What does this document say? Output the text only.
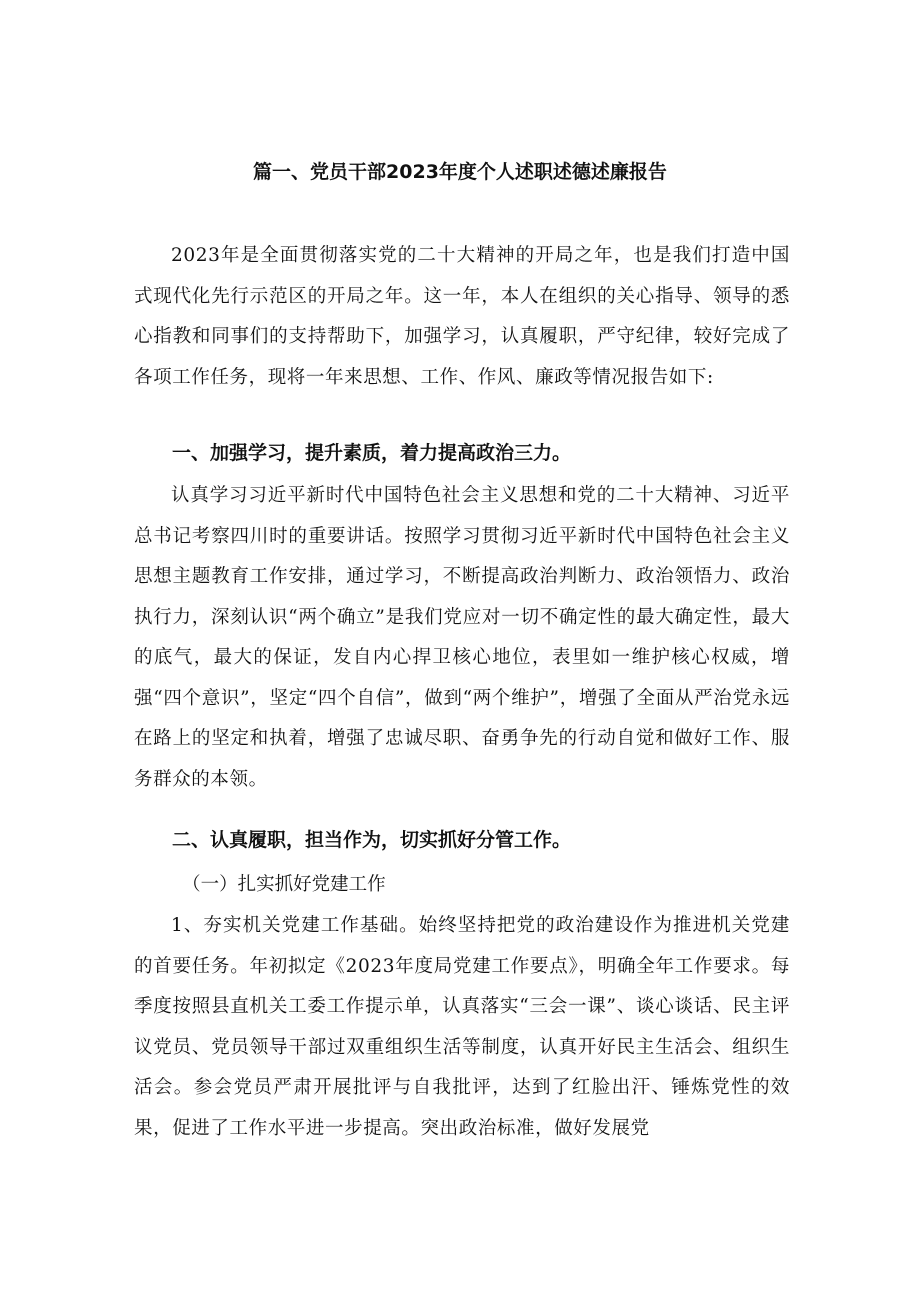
篇一、党员干部2023年度个人述职述德述廉报告

2023年是全面贯彻落实党的二十大精神的开局之年，也是我们打造中国式现代化先行示范区的开局之年。这一年，本人在组织的关心指导、领导的悉心指教和同事们的支持帮助下，加强学习，认真履职，严守纪律，较好完成了各项工作任务，现将一年来思想、工作、作风、廉政等情况报告如下:

一、加强学习，提升素质，着力提高政治三力。

认真学习习近平新时代中国特色社会主义思想和党的二十大精神、习近平总书记考察四川时的重要讲话。按照学习贯彻习近平新时代中国特色社会主义思想主题教育工作安排，通过学习，不断提高政治判断力、政治领悟力、政治执行力，深刻认识“两个确立”是我们党应对一切不确定性的最大确定性，最大的底气，最大的保证，发自内心捍卫核心地位，表里如一维护核心权威，增强“四个意识”，坚定“四个自信”，做到“两个维护”，增强了全面从严治党永远在路上的坚定和执着，增强了忠诚尽职、奋勇争先的行动自觉和做好工作、服务群众的本领。

二、认真履职，担当作为，切实抓好分管工作。

（一）扎实抓好党建工作

1、夯实机关党建工作基础。始终坚持把党的政治建设作为推进机关党建的首要任务。年初拟定《2023年度局党建工作要点》，明确全年工作要求。每季度按照县直机关工委工作提示单，认真落实“三会一课”、谈心谈话、民主评议党员、党员领导干部过双重组织生活等制度，认真开好民主生活会、组织生活会。参会党员严肃开展批评与自我批评，达到了红脸出汗、锤炼党性的效果，促进了工作水平进一步提高。突出政治标准，做好发展党
